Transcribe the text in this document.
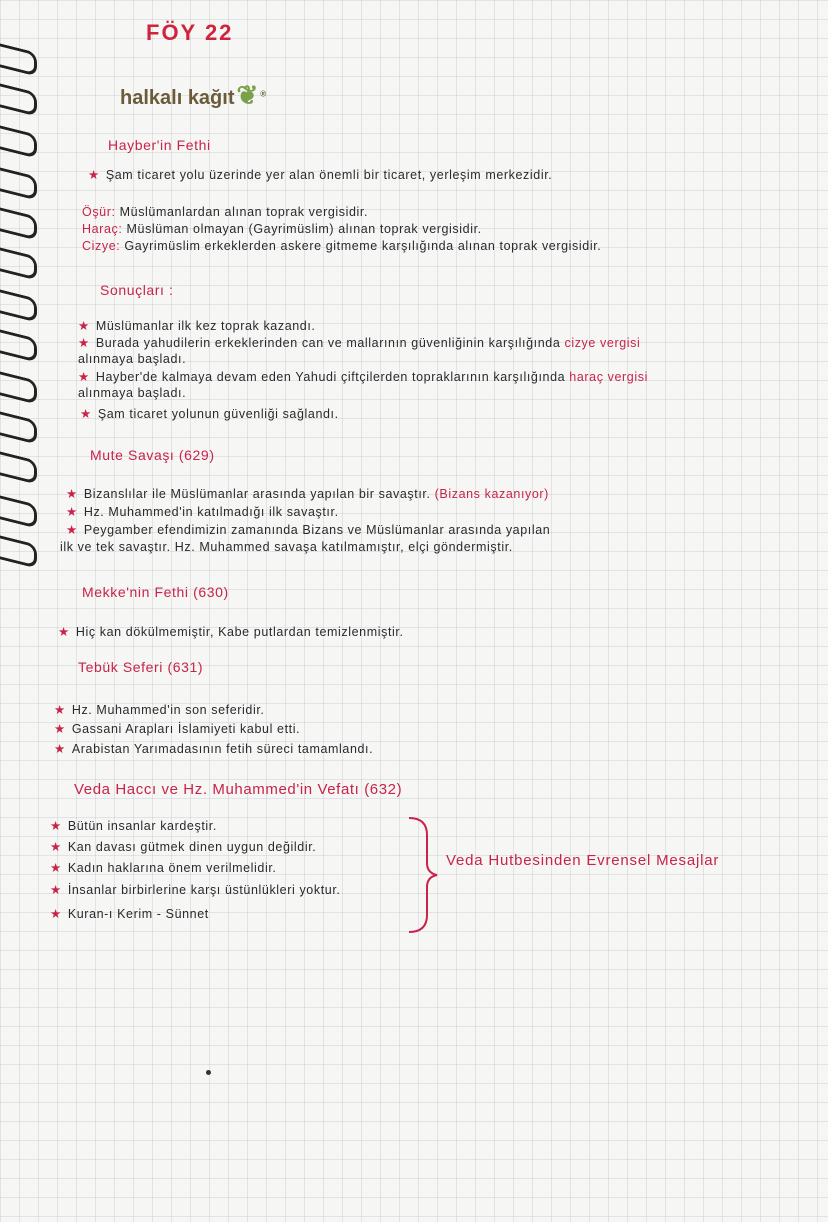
FÖY 22
halkalı kağıt❦ ®
Hayber'in Fethi
★ Şam ticaret yolu üzerinde yer alan önemli bir ticaret, yerleşim merkezidir.
Öşür: Müslümanlardan alınan toprak vergisidir.
Haraç: Müslüman olmayan (Gayrimüslim) alınan toprak vergisidir.
Cizye: Gayrimüslim erkeklerden askere gitmeme karşılığında alınan toprak vergisidir.
Sonuçları :
★ Müslümanlar ilk kez toprak kazandı.
★ Burada yahudilerin erkeklerinden can ve mallarının güvenliğinin karşılığında cizye vergisi
alınmaya başladı.
★ Hayber'de kalmaya devam eden Yahudi çiftçilerden topraklarının karşılığında haraç vergisi
alınmaya başladı.
★ Şam ticaret yolunun güvenliği sağlandı.
Mute Savaşı (629)
★ Bizanslılar ile Müslümanlar arasında yapılan bir savaştır. (Bizans kazanıyor)
★ Hz. Muhammed'in katılmadığı ilk savaştır.
★ Peygamber efendimizin zamanında Bizans ve Müslümanlar arasında yapılan
ilk ve tek savaştır. Hz. Muhammed savaşa katılmamıştır, elçi göndermiştir.
Mekke'nin Fethi (630)
★ Hiç kan dökülmemiştir, Kabe putlardan temizlenmiştir.
Tebük Seferi (631)
★ Hz. Muhammed'in son seferidir.
★ Gassani Arapları İslamiyeti kabul etti.
★ Arabistan Yarımadasının fetih süreci tamamlandı.
Veda Haccı ve Hz. Muhammed'in Vefatı (632)
★ Bütün insanlar kardeştir.
★ Kan davası gütmek dinen uygun değildir.
★ Kadın haklarına önem verilmelidir.
★ İnsanlar birbirlerine karşı üstünlükleri yoktur.
★ Kuran-ı Kerim - Sünnet
Veda Hutbesinden Evrensel Mesajlar
